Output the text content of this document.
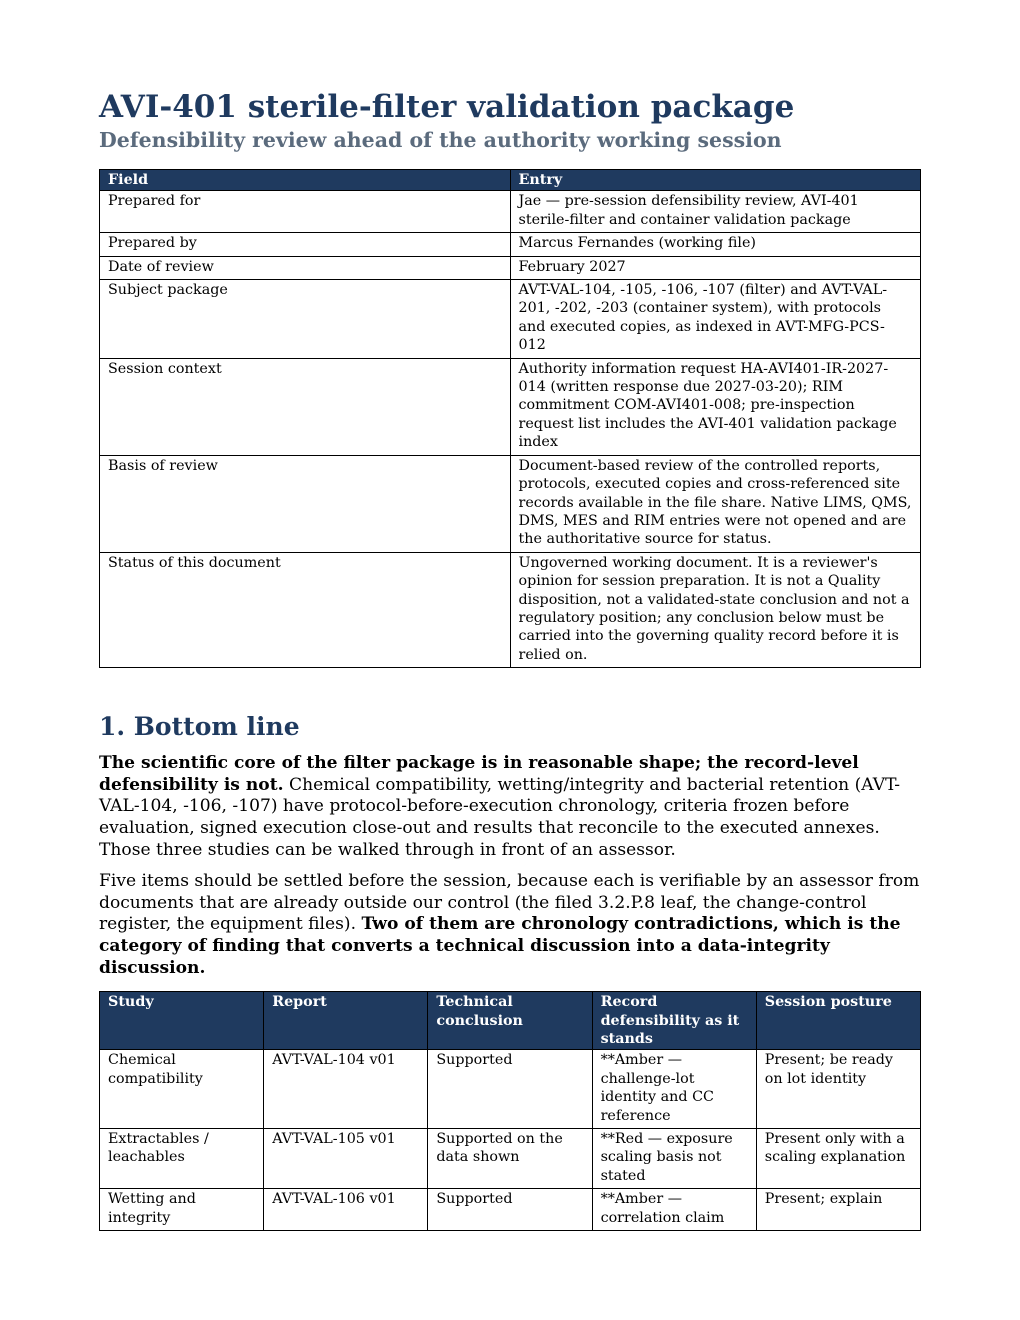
AVI-401 sterile-filter validation package
Defensibility review ahead of the authority working session
Field	Entry
Prepared for	Jae — pre-session defensibility review, AVI-401 sterile-filter and container validation package
Prepared by	Marcus Fernandes (working file)
Date of review	February 2027
Subject package	AVT-VAL-104, -105, -106, -107 (filter) and AVT-VAL-201, -202, -203 (container system), with protocols and executed copies, as indexed in AVT-MFG-PCS-012
Session context	Authority information request HA-AVI401-IR-2027-014 (written response due 2027-03-20); RIM commitment COM-AVI401-008; pre-inspection request list includes the AVI-401 validation package index
Basis of review	Document-based review of the controlled reports, protocols, executed copies and cross-referenced site records available in the file share. Native LIMS, QMS, DMS, MES and RIM entries were not opened and are the authoritative source for status.
Status of this document	Ungoverned working document. It is a reviewer's opinion for session preparation. It is not a Quality disposition, not a validated-state conclusion and not a regulatory position; any conclusion below must be carried into the governing quality record before it is relied on.
1. Bottom line

The scientific core of the filter package is in reasonable shape; the record-level defensibility is not. Chemical compatibility, wetting/integrity and bacterial retention (AVT-VAL-104, -106, -107) have protocol-before-execution chronology, criteria frozen before evaluation, signed execution close-out and results that reconcile to the executed annexes. Those three studies can be walked through in front of an assessor.

Five items should be settled before the session, because each is verifiable by an assessor from documents that are already outside our control (the filed 3.2.P.8 leaf, the change-control register, the equipment files). Two of them are chronology contradictions, which is the category of finding that converts a technical discussion into a data-integrity discussion.

Study	Report	Technical conclusion	Record defensibility as it stands	Session posture
Chemical compatibility	AVT-VAL-104 v01	Supported	**Amber — challenge-lot identity and CC reference	Present; be ready on lot identity
Extractables / leachables	AVT-VAL-105 v01	Supported on the data shown	**Red — exposure scaling basis not stated	Present only with a scaling explanation
Wetting and integrity	AVT-VAL-106 v01	Supported	**Amber — correlation claim	Present; explain
